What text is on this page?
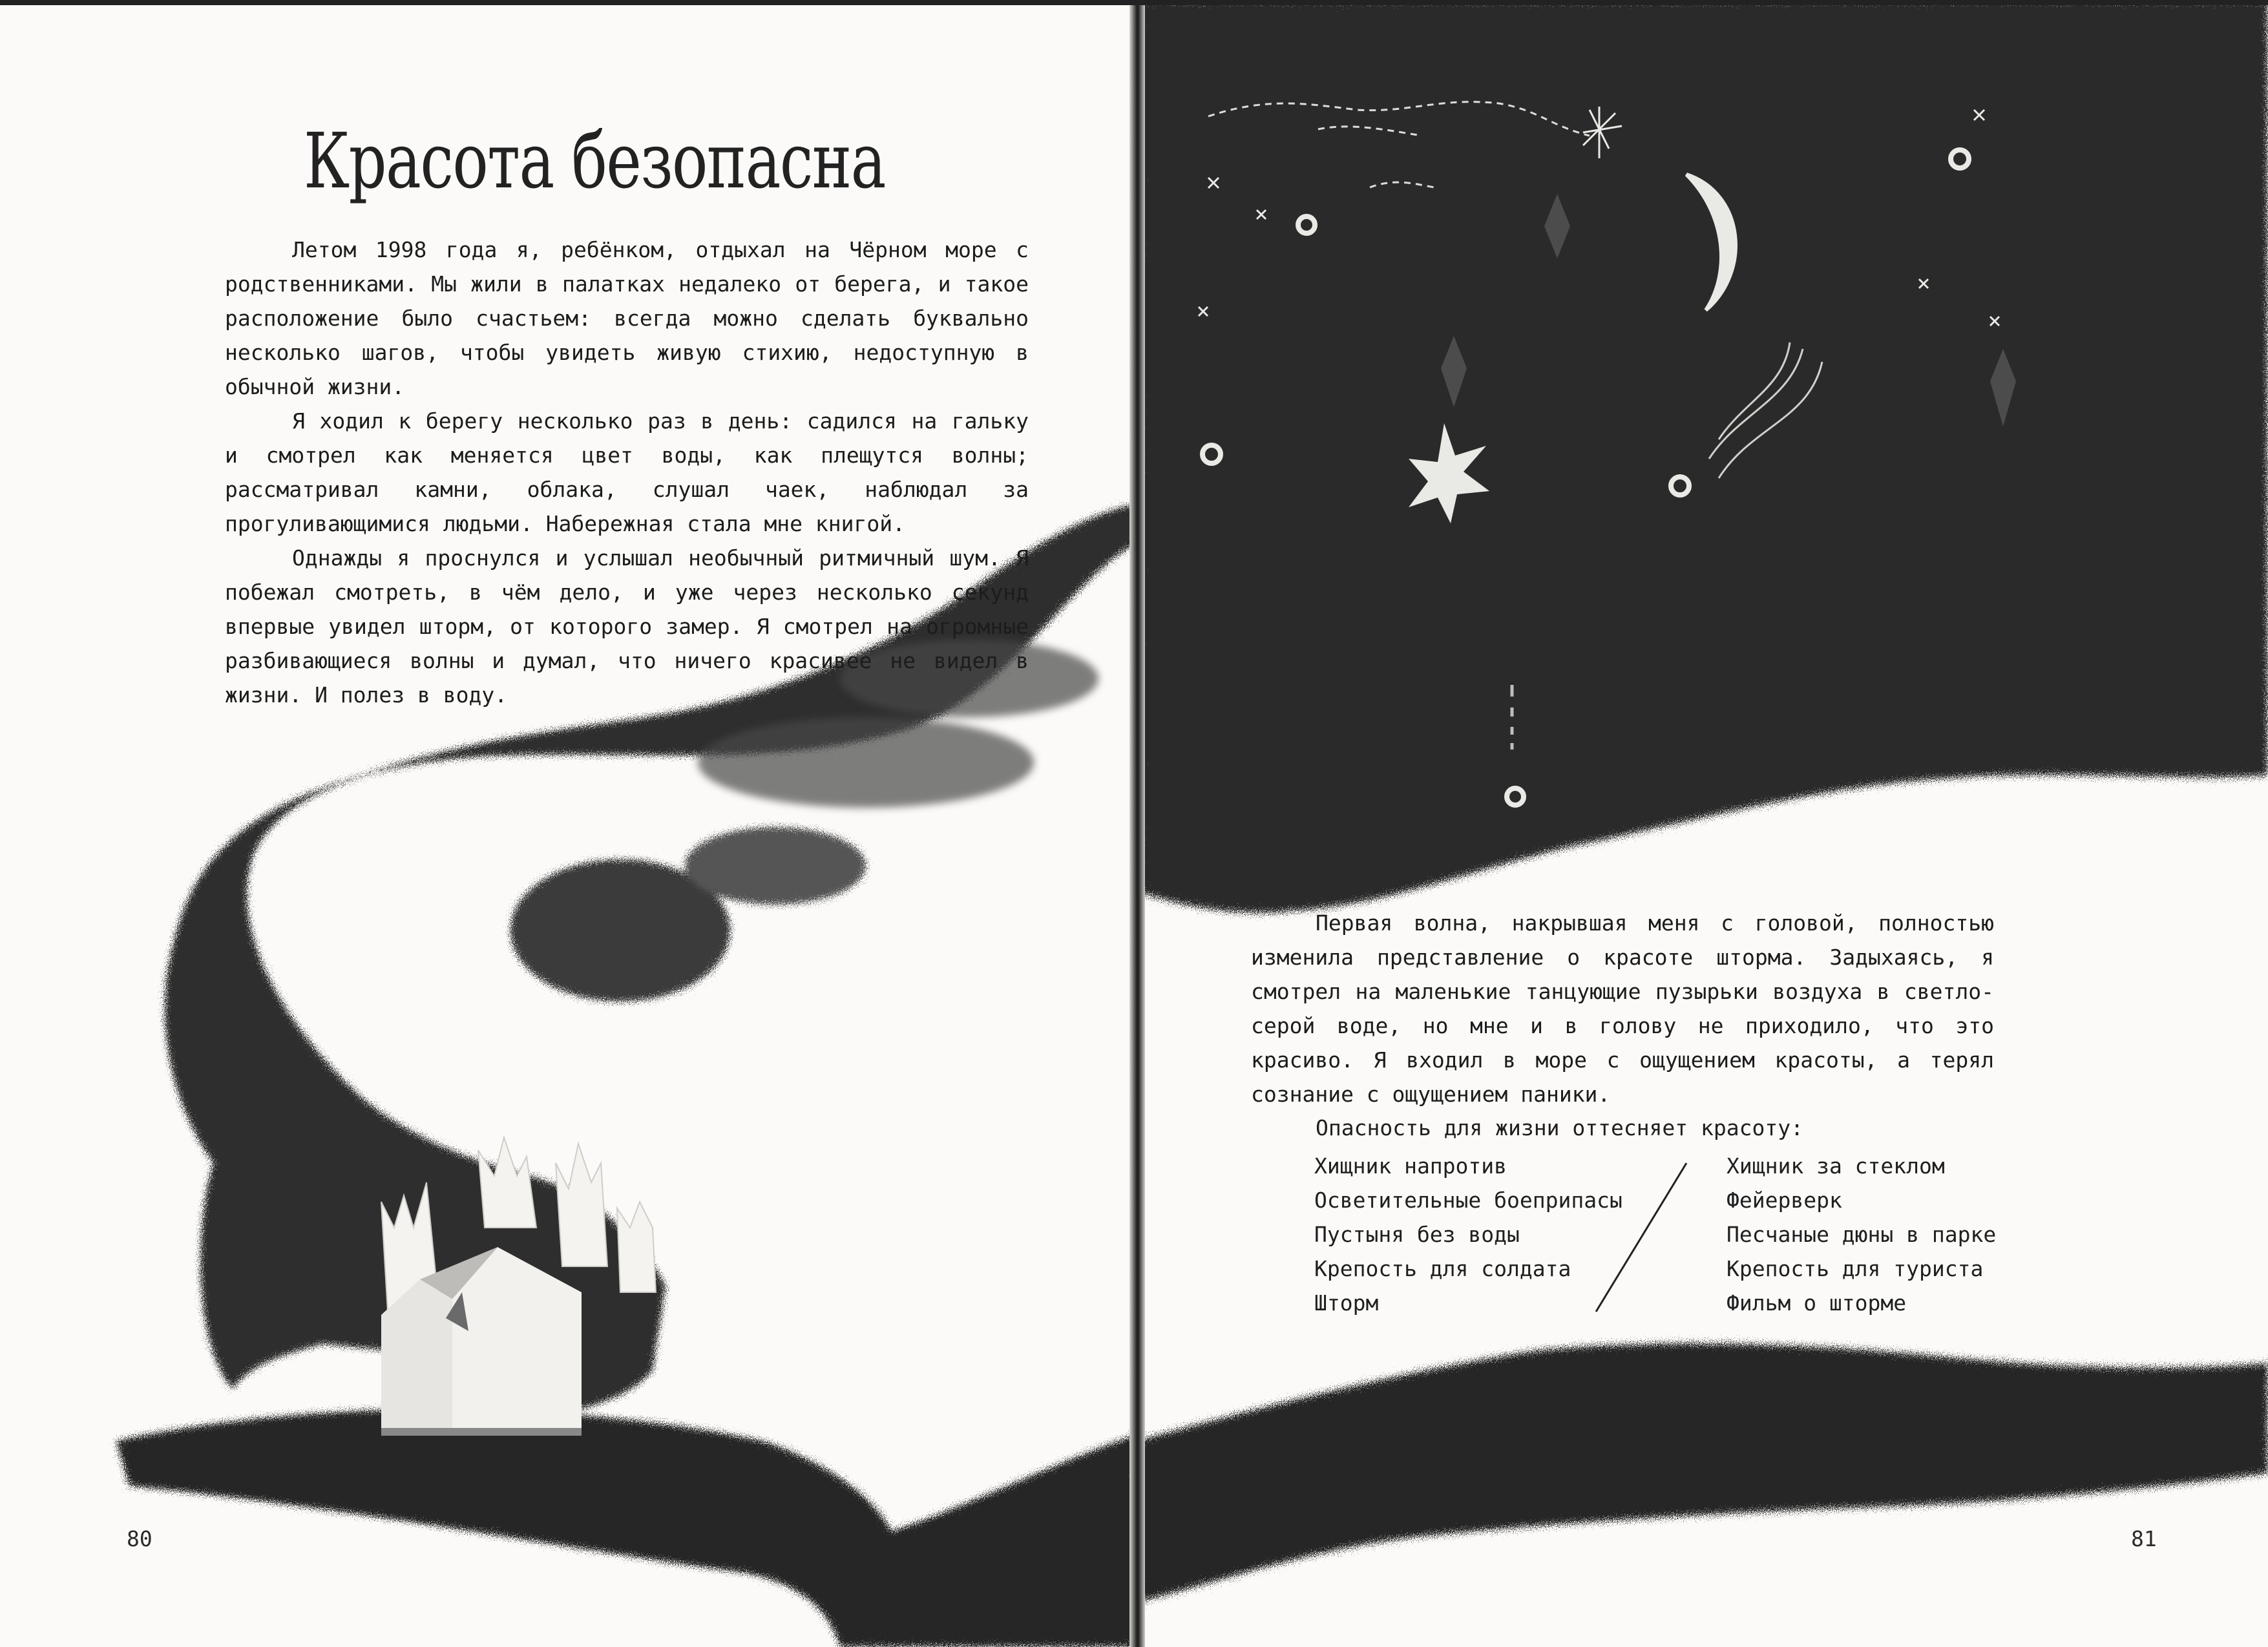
Красота безопасна

Летом 1998 года я, ребёнком, отдыхал на Чёрном море с родственниками. Мы жили в палатках недалеко от берега, и такое расположение было счастьем: всегда можно сделать буквально несколько шагов, чтобы увидеть живую стихию, недоступную в обычной жизни.

Я ходил к берегу несколько раз в день: садился на гальку и смотрел как меняется цвет воды, как плещутся волны; рассматривал камни, облака, слушал чаек, наблюдал за прогуливающимися людьми. Набережная стала мне книгой.

Однажды я проснулся и услышал необычный ритмичный шум. Я побежал смотреть, в чём дело, и уже через несколько секунд впервые увидел шторм, от которого замер. Я смотрел на огромные разбивающиеся волны и думал, что ничего красивее не видел в жизни. И полез в воду.

80

Первая волна, накрывшая меня с головой, полностью изменила представление о красоте шторма. Задыхаясь, я смотрел на маленькие танцующие пузырьки воздуха в светло-серой воде, но мне и в голову не приходило, что это красиво. Я входил в море с ощущением красоты, а терял сознание с ощущением паники.

Опасность для жизни оттесняет красоту:
Хищник напротив
Осветительные боеприпасы
Пустыня без воды
Крепость для солдата
Шторм
Хищник за стеклом
Фейерверк
Песчаные дюны в парке
Крепость для туриста
Фильм о шторме
81
